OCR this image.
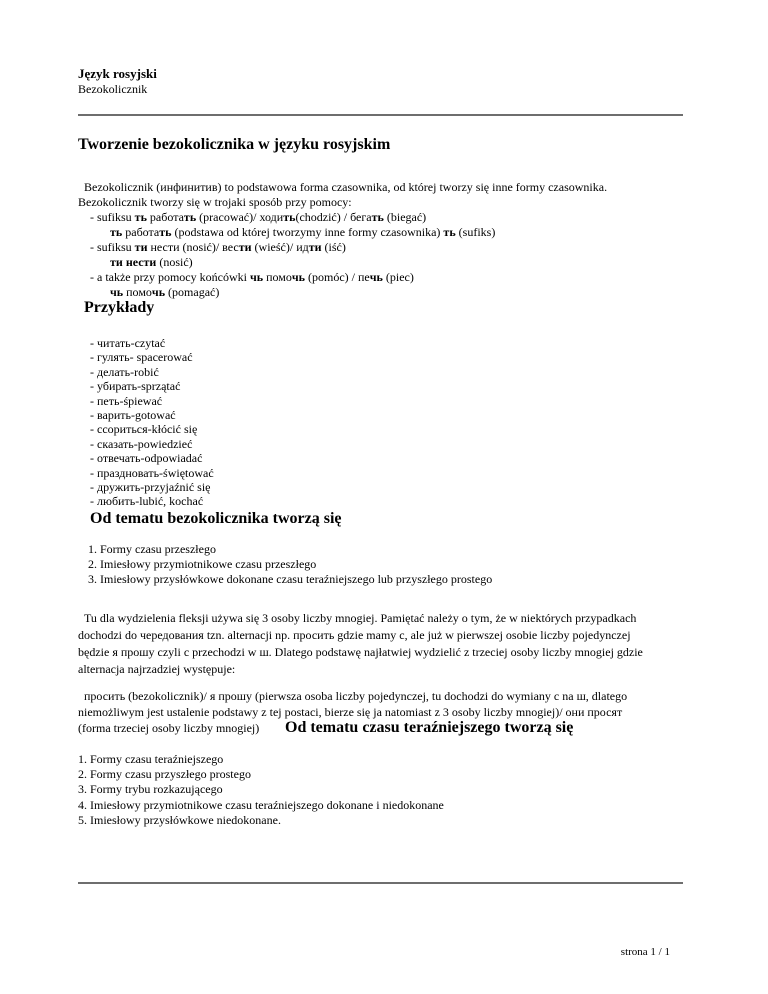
Język rosyjski
Bezokolicznik
Tworzenie bezokolicznika w języku rosyjskim
Bezokolicznik (инфинитив) to podstawowa forma czasownika, od której tworzy się inne formy czasownika.
Bezokolicznik tworzy się w trojaki sposób przy pomocy:
- sufiksu ть работать (pracować)/ ходить(chodzić) / бегать (biegać)
ть работать (podstawa od której tworzymy inne formy czasownika) ть (sufiks)
- sufiksu ти нести (nosić)/ вести (wieść)/ идти (iść)
ти нести (nosić)
- a także przy pomocy końcówki чь помочь (pomóc) / печь (piec)
чь помочь (pomagać)
Przykłady
- читать-czytać
- гулять- spacerować
- делать-robić
- убирать-sprzątać
- петь-śpiewać
- варить-gotować
- ссориться-kłócić się
- сказать-powiedzieć
- отвечать-odpowiadać
- праздновать-świętować
- дружить-przyjaźnić się
- любить-lubić, kochać
Od tematu bezokolicznika tworzą się
1. Formy czasu przeszłego
2. Imiesłowy przymiotnikowe czasu przeszłego
3. Imiesłowy przysłówkowe dokonane czasu teraźniejszego lub przyszłego prostego
Tu dla wydzielenia fleksji używa się 3 osoby liczby mnogiej. Pamiętać należy o tym, że w niektórych przypadkach
dochodzi do чередования tzn. alternacji np. просить gdzie mamy с, ale już w pierwszej osobie liczby pojedynczej
będzie я прошу czyli с przechodzi w ш. Dlatego podstawę najłatwiej wydzielić z trzeciej osoby liczby mnogiej gdzie
alternacja najrzadziej występuje:
просить (bezokolicznik)/ я прошу (pierwsza osoba liczby pojedynczej, tu dochodzi do wymiany с na ш, dlatego
niemożliwym jest ustalenie podstawy z tej postaci, bierze się ja natomiast z 3 osoby liczby mnogiej)/ они просят
(forma trzeciej osoby liczby mnogiej) Od tematu czasu teraźniejszego tworzą się
1. Formy czasu teraźniejszego
2. Formy czasu przyszłego prostego
3. Formy trybu rozkazującego
4. Imiesłowy przymiotnikowe czasu teraźniejszego dokonane i niedokonane
5. Imiesłowy przysłówkowe niedokonane.
strona 1 / 1
